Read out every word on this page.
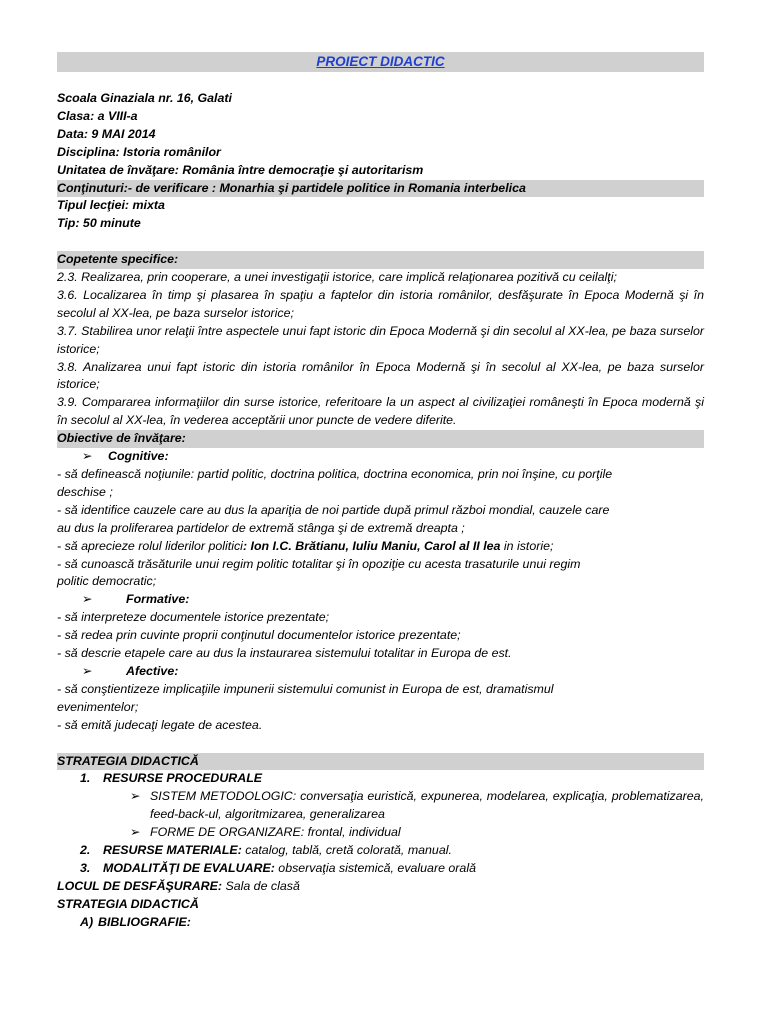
PROIECT DIDACTIC
Scoala Ginaziala nr. 16, Galati
Clasa: a VIII-a
Data: 9 MAI 2014
Disciplina: Istoria românilor
Unitatea de învăţare: România între democraţie şi autoritarism
Conţinuturi:- de verificare : Monarhia şi partidele politice in Romania interbelica
Tipul lecţiei: mixta
Tip: 50 minute
Copetente specifice:
2.3. Realizarea, prin cooperare, a unei investigaţii istorice, care implică relaţionarea pozitivă cu ceilalţi;
3.6. Localizarea în timp şi plasarea în spaţiu a faptelor din istoria românilor, desfăşurate în Epoca Modernă şi în secolul al XX-lea, pe baza surselor istorice;
3.7. Stabilirea unor relaţii între aspectele unui fapt istoric din Epoca Modernă şi din secolul al XX-lea, pe baza surselor istorice;
3.8. Analizarea unui fapt istoric din istoria românilor în Epoca Modernă şi în secolul al XX-lea, pe baza surselor istorice;
3.9. Compararea informaţiilor din surse istorice, referitoare la un aspect al civilizaţiei româneşti în Epoca modernă şi în secolul al XX-lea, în vederea acceptării unor puncte de vedere diferite.
Obiective de învăţare:
➢ Cognitive:
- să definească noţiunile: partid politic, doctrina politica, doctrina economica, prin noi înşine, cu porţile
deschise ;
- să identifice cauzele care au dus la apariţia de noi partide după primul război mondial, cauzele care
au dus la proliferarea partidelor de extremă stânga şi de extremă dreapta ;
- să aprecieze rolul liderilor politici: Ion I.C. Brătianu, Iuliu Maniu, Carol al II lea in istorie;
- să cunoască trăsăturile unui regim politic totalitar şi în opoziţie cu acesta trasaturile unui regim
politic democratic;
➢	Formative:
- să interpreteze documentele istorice prezentate;
- să redea prin cuvinte proprii conţinutul documentelor istorice prezentate;
- să descrie etapele care au dus la instaurarea sistemului totalitar in Europa de est.
➢	Afective:
- să conştientizeze implicaţiile impunerii sistemului comunist in Europa de est, dramatismul
evenimentelor;
- să emită judecaţi legate de acestea.
STRATEGIA DIDACTICĂ
1. RESURSE PROCEDURALE
➢ SISTEM METODOLOGIC: conversaţia euristică, expunerea, modelarea, explicaţia, problematizarea, feed-back-ul, algoritmizarea, generalizarea
➢ FORME DE ORGANIZARE: frontal, individual
2. RESURSE MATERIALE: catalog, tablă, cretă colorată, manual.
3. MODALITĂŢI DE EVALUARE: observaţia sistemică, evaluare orală
LOCUL DE DESFĂŞURARE: Sala de clasă
STRATEGIA DIDACTICĂ
A) BIBLIOGRAFIE:
